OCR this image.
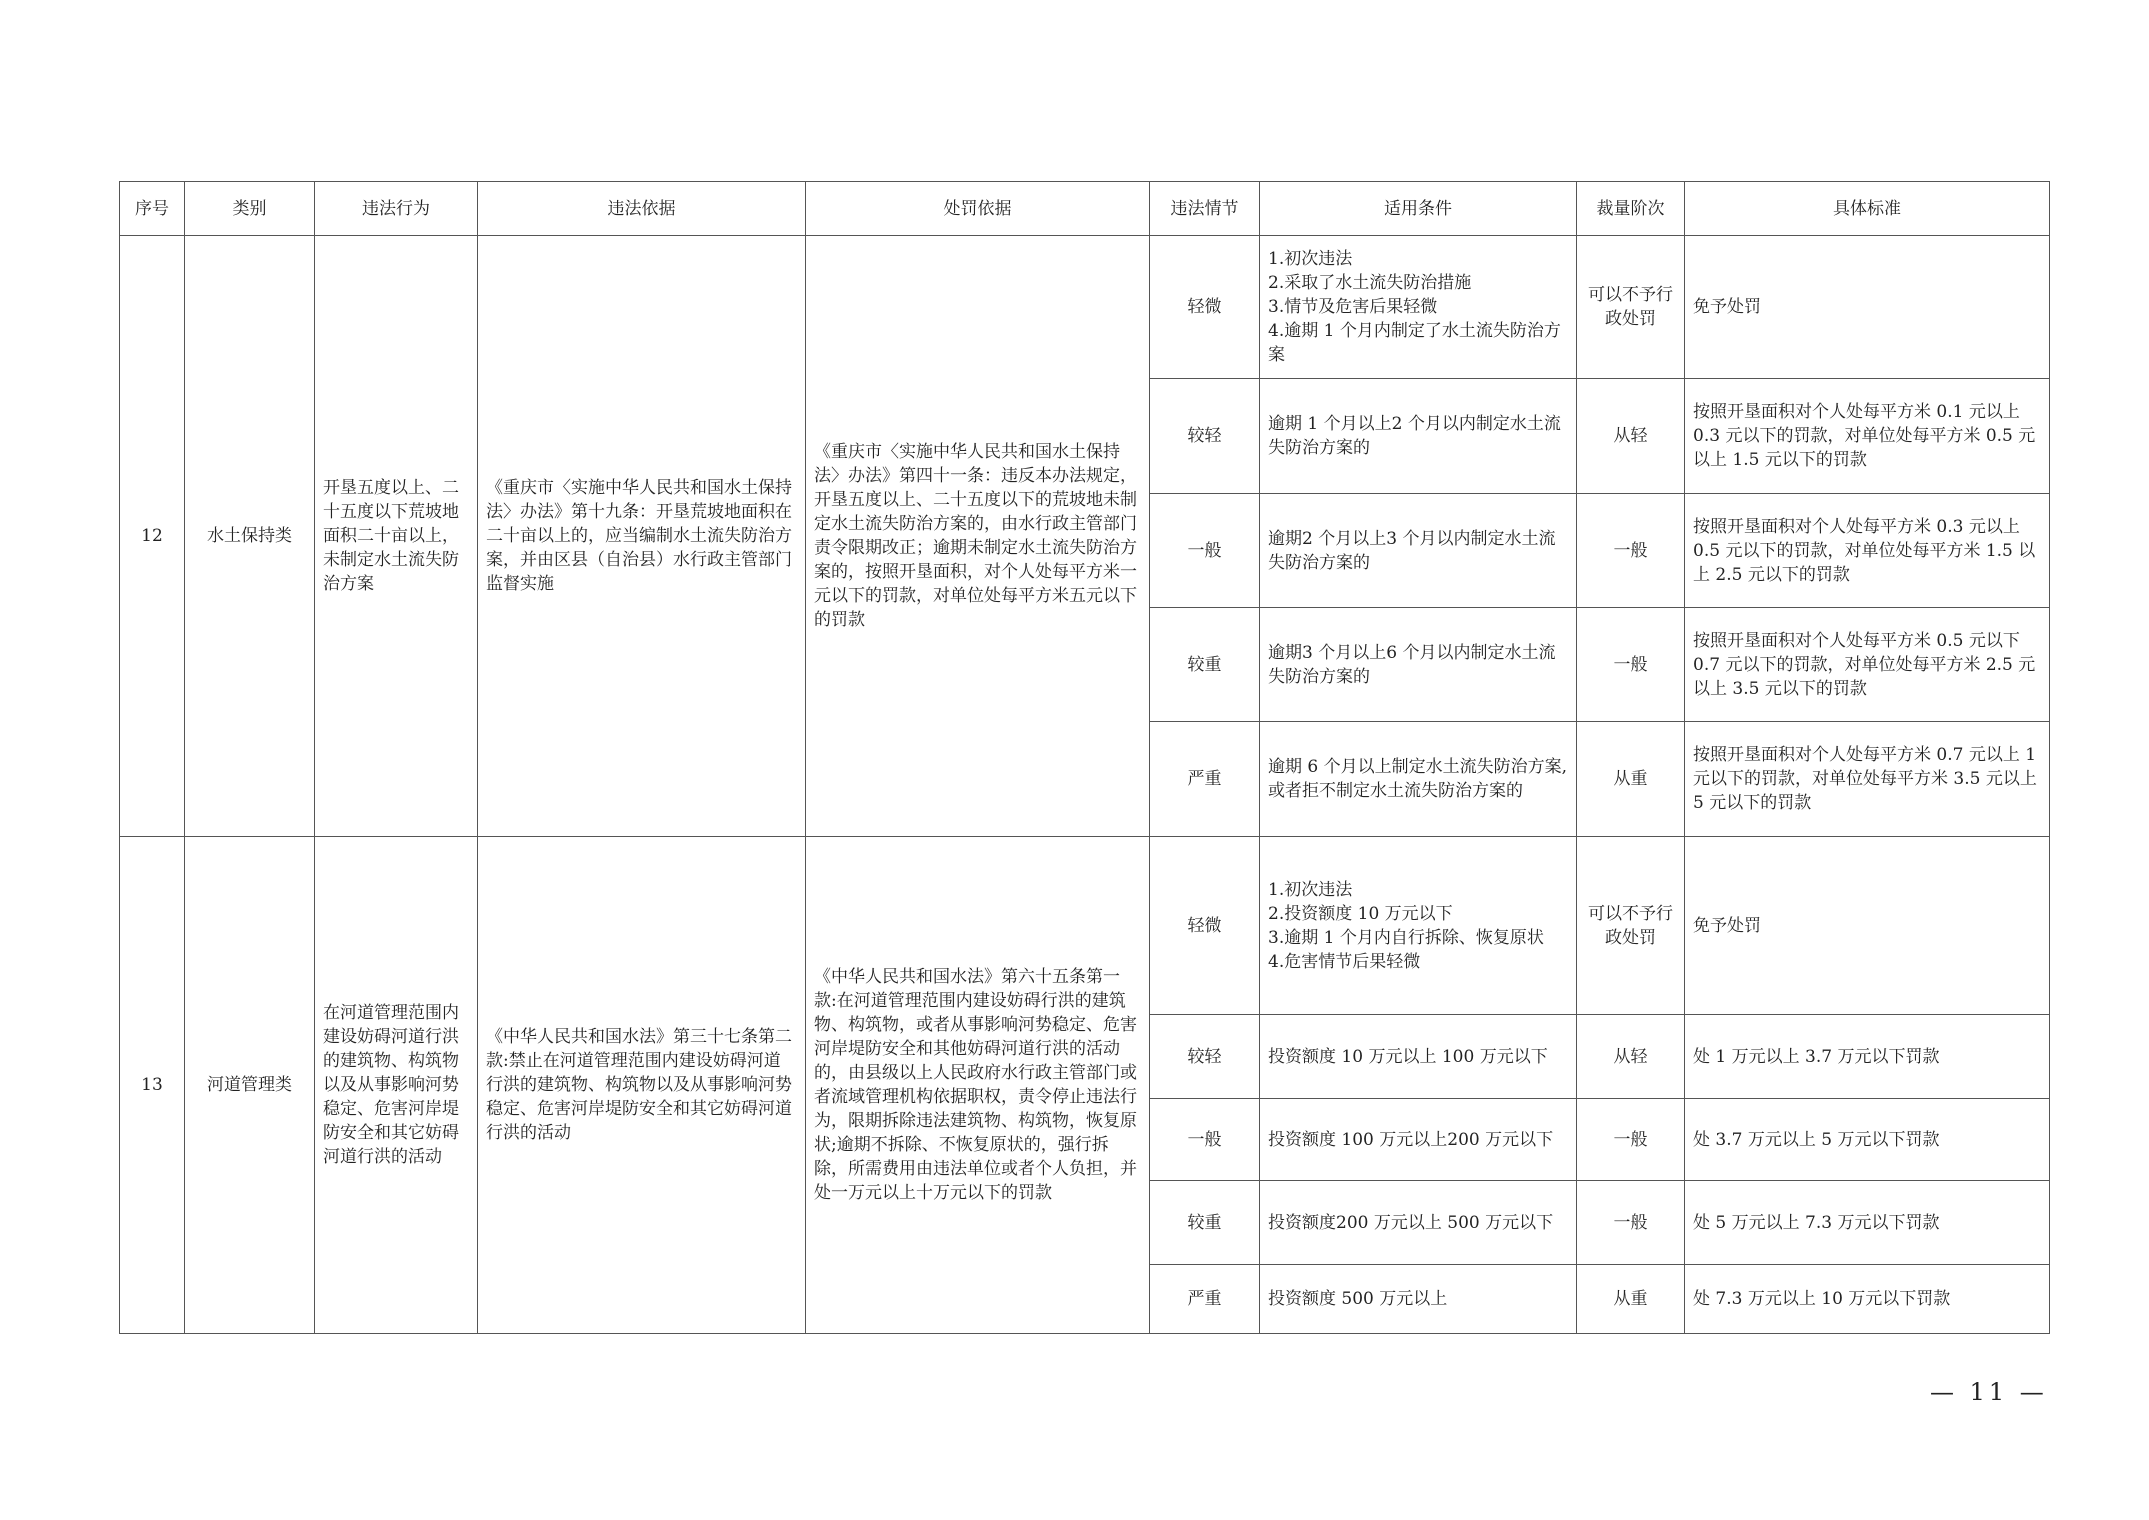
序号	类别	违法行为	违法依据	处罚依据	违法情节	适用条件	裁量阶次	具体标准
12	水土保持类	开垦五度以上、二十五度以下荒坡地面积二十亩以上，未制定水土流失防治方案	《重庆市〈实施中华人民共和国水土保持法〉办法》第十九条：开垦荒坡地面积在二十亩以上的，应当编制水土流失防治方案，并由区县（自治县）水行政主管部门监督实施	《重庆市〈实施中华人民共和国水土保持法〉办法》第四十一条：违反本办法规定，开垦五度以上、二十五度以下的荒坡地未制定水土流失防治方案的，由水行政主管部门责令限期改正；逾期未制定水土流失防治方案的，按照开垦面积，对个人处每平方米一元以下的罚款，对单位处每平方米五元以下的罚款	轻微	1.初次违法
2.采取了水土流失防治措施
3.情节及危害后果轻微
4.逾期 1 个月内制定了水土流失防治方案	可以不予行政处罚	免予处罚
					较轻	逾期 1 个月以上2 个月以内制定水土流失防治方案的	从轻	按照开垦面积对个人处每平方米 0.1 元以上 0.3 元以下的罚款，对单位处每平方米 0.5 元以上 1.5 元以下的罚款
					一般	逾期2 个月以上3 个月以内制定水土流失防治方案的	一般	按照开垦面积对个人处每平方米 0.3 元以上 0.5 元以下的罚款，对单位处每平方米 1.5 以上 2.5 元以下的罚款
					较重	逾期3 个月以上6 个月以内制定水土流失防治方案的	一般	按照开垦面积对个人处每平方米 0.5 元以下 0.7 元以下的罚款，对单位处每平方米 2.5 元以上 3.5 元以下的罚款
					严重	逾期 6 个月以上制定水土流失防治方案,或者拒不制定水土流失防治方案的	从重	按照开垦面积对个人处每平方米 0.7 元以上 1 元以下的罚款，对单位处每平方米 3.5 元以上 5 元以下的罚款
13	河道管理类	在河道管理范围内建设妨碍河道行洪的建筑物、构筑物以及从事影响河势稳定、危害河岸堤防安全和其它妨碍河道行洪的活动	《中华人民共和国水法》第三十七条第二款:禁止在河道管理范围内建设妨碍河道行洪的建筑物、构筑物以及从事影响河势稳定、危害河岸堤防安全和其它妨碍河道行洪的活动	《中华人民共和国水法》第六十五条第一款:在河道管理范围内建设妨碍行洪的建筑物、构筑物，或者从事影响河势稳定、危害河岸堤防安全和其他妨碍河道行洪的活动的，由县级以上人民政府水行政主管部门或者流域管理机构依据职权，责令停止违法行为，限期拆除违法建筑物、构筑物，恢复原状;逾期不拆除、不恢复原状的，强行拆除，所需费用由违法单位或者个人负担，并处一万元以上十万元以下的罚款	轻微	1.初次违法
2.投资额度 10 万元以下
3.逾期 1 个月内自行拆除、恢复原状
4.危害情节后果轻微	可以不予行政处罚	免予处罚
					较轻	投资额度 10 万元以上 100 万元以下	从轻	处 1 万元以上 3.7 万元以下罚款
					一般	投资额度 100 万元以上200 万元以下	一般	处 3.7 万元以上 5 万元以下罚款
					较重	投资额度200 万元以上 500 万元以下	一般	处 5 万元以上 7.3 万元以下罚款
					严重	投资额度 500 万元以上	从重	处 7.3 万元以上 10 万元以下罚款
— 11 —
